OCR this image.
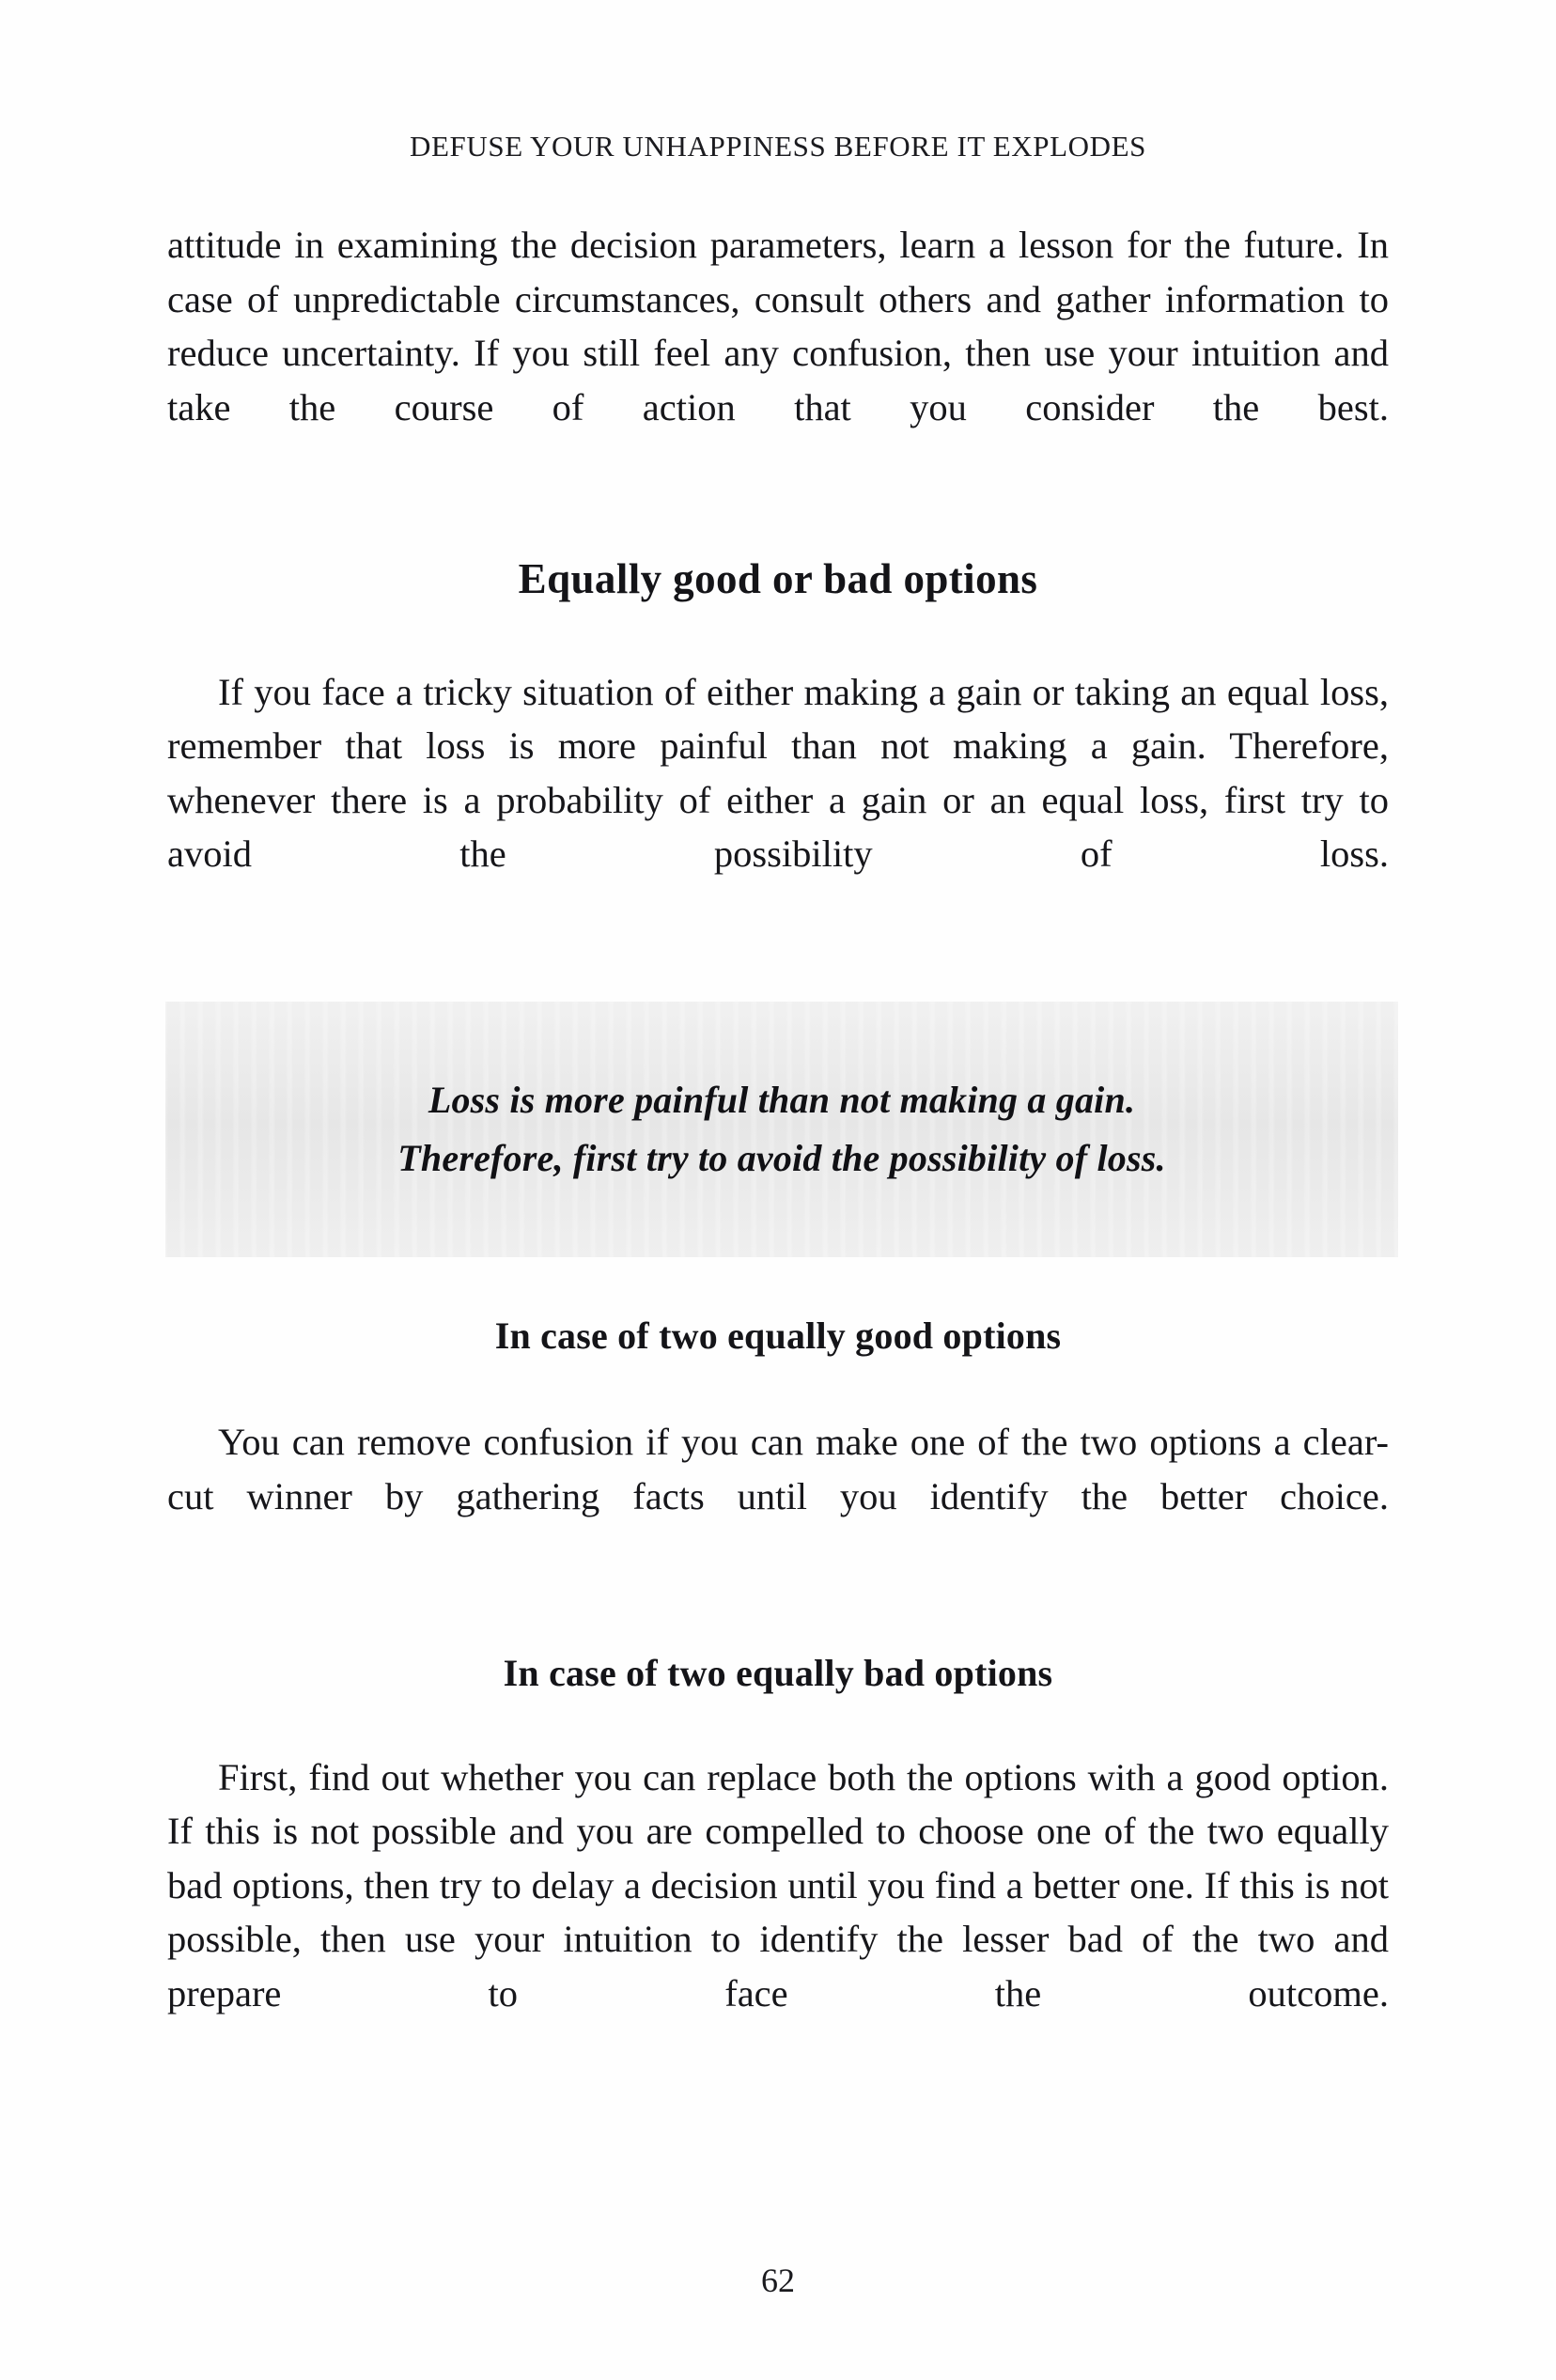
DEFUSE YOUR UNHAPPINESS BEFORE IT EXPLODES

attitude in examining the decision parameters, learn a lesson for the future. In case of unpredictable circumstances, consult others and gather information to reduce uncertainty. If you still feel any confusion, then use your intuition and take the course of action that you consider the best.

Equally good or bad options

If you face a tricky situation of either making a gain or taking an equal loss, remember that loss is more painful than not making a gain. Therefore, whenever there is a probability of either a gain or an equal loss, first try to avoid the possibility of loss.

In case of two equally good options

You can remove confusion if you can make one of the two options a clear-cut winner by gathering facts until you identify the better choice.

In case of two equally bad options

First, find out whether you can replace both the options with a good option. If this is not possible and you are compelled to choose one of the two equally bad options, then try to delay a decision until you find a better one. If this is not possible, then use your intuition to identify the lesser bad of the two and prepare to face the outcome.

Loss is more painful than not making a gain.
Therefore, first try to avoid the possibility of loss.
62
